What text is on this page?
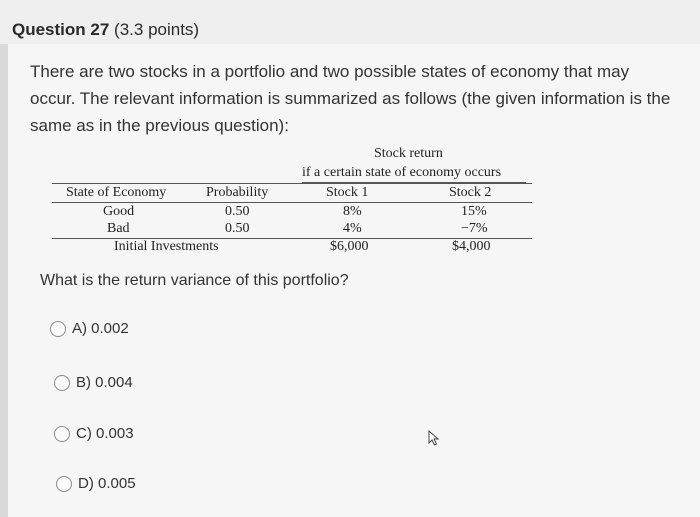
Question 27 (3.3 points)
There are two stocks in a portfolio and two possible states of economy that may occur. The relevant information is summarized as follows (the given information is the same as in the previous question):
Stock return
if a certain state of economy occurs
State of Economy	Probability	Stock 1	Stock 2
Good	0.50	8%	15%
Bad	0.50	4%	−7%
Initial Investments	$6,000	$4,000
What is the return variance of this portfolio?
A) 0.002
B) 0.004
C) 0.003
D) 0.005
